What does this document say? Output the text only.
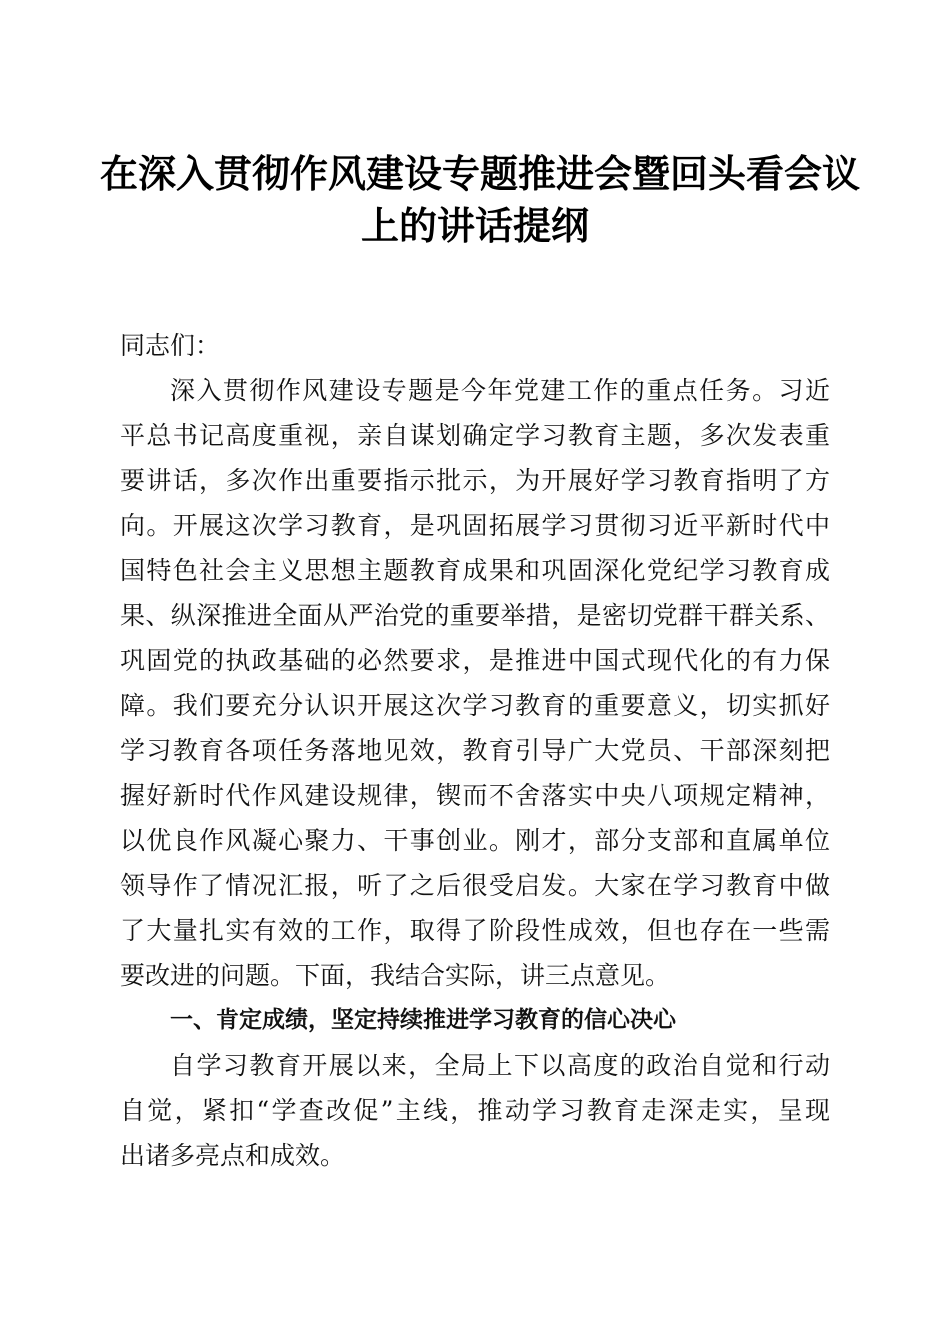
在深入贯彻作风建设专题推进会暨回头看会议
上的讲话提纲
同志们：
深入贯彻作风建设专题是今年党建工作的重点任务。习近
平总书记高度重视，亲自谋划确定学习教育主题，多次发表重
要讲话，多次作出重要指示批示，为开展好学习教育指明了方
向。开展这次学习教育，是巩固拓展学习贯彻习近平新时代中
国特色社会主义思想主题教育成果和巩固深化党纪学习教育成
果、纵深推进全面从严治党的重要举措，是密切党群干群关系、
巩固党的执政基础的必然要求，是推进中国式现代化的有力保
障。我们要充分认识开展这次学习教育的重要意义，切实抓好
学习教育各项任务落地见效，教育引导广大党员、干部深刻把
握好新时代作风建设规律，锲而不舍落实中央八项规定精神，
以优良作风凝心聚力、干事创业。刚才，部分支部和直属单位
领导作了情况汇报，听了之后很受启发。大家在学习教育中做
了大量扎实有效的工作，取得了阶段性成效，但也存在一些需
要改进的问题。下面，我结合实际，讲三点意见。
一、肯定成绩，坚定持续推进学习教育的信心决心
自学习教育开展以来，全局上下以高度的政治自觉和行动
自觉，紧扣“学查改促”主线，推动学习教育走深走实，呈现
出诸多亮点和成效。
